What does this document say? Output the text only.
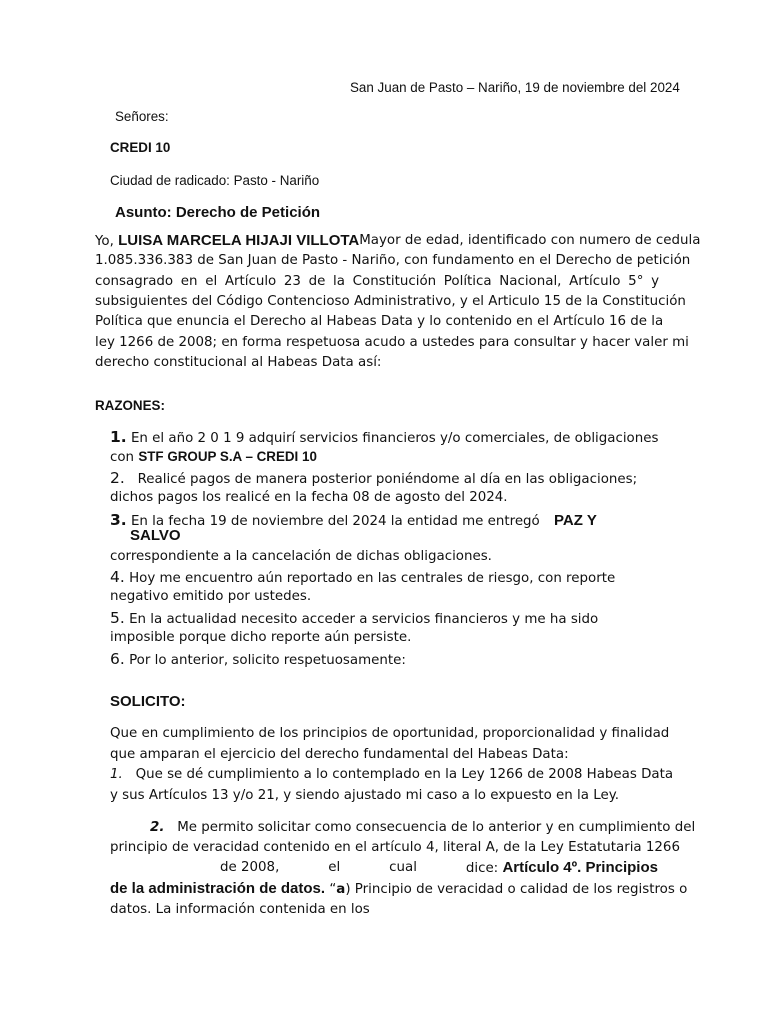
San Juan de Pasto – Nariño, 19 de noviembre del 2024
Señores:
CREDI 10
Ciudad de radicado: Pasto - Nariño
Asunto: Derecho de Petición
Yo, LUISA MARCELA HIJAJI VILLOTA Mayor de edad, identificado con numero de cedula
1.085.336.383 de San Juan de Pasto - Nariño, con fundamento en el Derecho de petición
consagrado en el Artículo 23 de la Constitución Política Nacional, Artículo 5° y
subsiguientes del Código Contencioso Administrativo, y el Articulo 15 de la Constitución
Política que enuncia el Derecho al Habeas Data y lo contenido en el Artículo 16 de la
ley 1266 de 2008; en forma respetuosa acudo a ustedes para consultar y hacer valer mi
derecho constitucional al Habeas Data así:
RAZONES:
1. En el año 2 0 1 9 adquirí servicios financieros y/o comerciales, de obligaciones
con STF GROUP S.A – CREDI 10
2. Realicé pagos de manera posterior poniéndome al día en las obligaciones;
dichos pagos los realicé en la fecha 08 de agosto del 2024.
3. En la fecha 19 de noviembre del 2024 la entidad me entregó PAZ Y
SALVO
correspondiente a la cancelación de dichas obligaciones.
4. Hoy me encuentro aún reportado en las centrales de riesgo, con reporte
negativo emitido por ustedes.
5. En la actualidad necesito acceder a servicios financieros y me ha sido
imposible porque dicho reporte aún persiste.
6. Por lo anterior, solicito respetuosamente:
SOLICITO:
Que en cumplimiento de los principios de oportunidad, proporcionalidad y finalidad
que amparan el ejercicio del derecho fundamental del Habeas Data:
1. Que se dé cumplimiento a lo contemplado en la Ley 1266 de 2008 Habeas Data
y sus Artículos 13 y/o 21, y siendo ajustado mi caso a lo expuesto en la Ley.
2. Me permito solicitar como consecuencia de lo anterior y en cumplimiento del
principio de veracidad contenido en el artículo 4, literal A, de la Ley Estatutaria 1266
de 2008,	el	cual	dice: Artículo 4º. Principios
de la administración de datos. “a) Principio de veracidad o calidad de los registros o
datos. La información contenida en los
